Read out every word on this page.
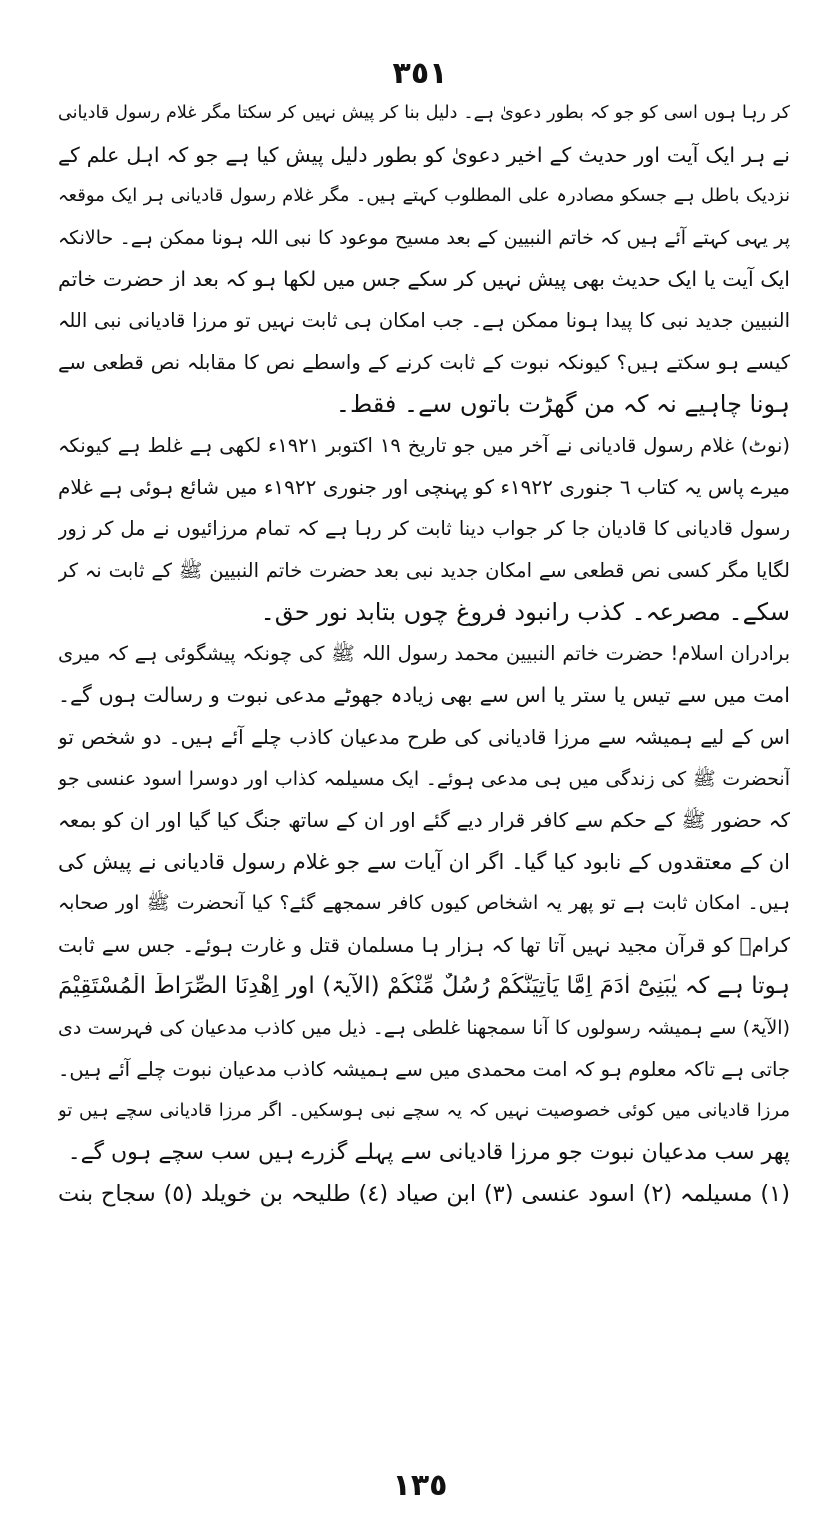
٣٥١
کر رہا ہوں اسی کو جو کہ بطور دعویٰ ہے۔ دلیل بنا کر پیش نہیں کر سکتا مگر غلام رسول قادیانی
نے ہر ایک آیت اور حدیث کے اخیر دعویٰ کو بطور دلیل پیش کیا ہے جو کہ اہل علم کے
نزدیک باطل ہے جسکو مصادرہ علی المطلوب کہتے ہیں۔ مگر غلام رسول قادیانی ہر ایک موقعہ
پر یہی کہتے آئے ہیں کہ خاتم النبیین کے بعد مسیح موعود کا نبی اللہ ہونا ممکن ہے۔ حالانکہ
ایک آیت یا ایک حدیث بھی پیش نہیں کر سکے جس میں لکھا ہو کہ بعد از حضرت خاتم
النبیین جدید نبی کا پیدا ہونا ممکن ہے۔ جب امکان ہی ثابت نہیں تو مرزا قادیانی نبی اللہ
کیسے ہو سکتے ہیں؟ کیونکہ نبوت کے ثابت کرنے کے واسطے نص کا مقابلہ نص قطعی سے
ہونا چاہیے نہ کہ من گھڑت باتوں سے۔ فقط۔
(نوٹ) غلام رسول قادیانی نے آخر میں جو تاریخ ١٩ اکتوبر ١٩٢١ء لکھی ہے غلط ہے کیونکہ
میرے پاس یہ کتاب ٦ جنوری ١٩٢٢ء کو پہنچی اور جنوری ١٩٢٢ء میں شائع ہوئی ہے غلام
رسول قادیانی کا قادیان جا کر جواب دینا ثابت کر رہا ہے کہ تمام مرزائیوں نے مل کر زور
لگایا مگر کسی نص قطعی سے امکان جدید نبی بعد حضرت خاتم النبیین ﷺ کے ثابت نہ کر
سکے۔ مصرعہ۔ کذب رانبود فروغ چوں بتابد نور حق۔
برادران اسلام! حضرت خاتم النبیین محمد رسول اللہ ﷺ کی چونکہ پیشگوئی ہے کہ میری
امت میں سے تیس یا ستر یا اس سے بھی زیادہ جھوٹے مدعی نبوت و رسالت ہوں گے۔
اس کے لیے ہمیشہ سے مرزا قادیانی کی طرح مدعیان کاذب چلے آئے ہیں۔ دو شخص تو
آنحضرت ﷺ کی زندگی میں ہی مدعی ہوئے۔ ایک مسیلمہ کذاب اور دوسرا اسود عنسی جو
کہ حضور ﷺ کے حکم سے کافر قرار دیے گئے اور ان کے ساتھ جنگ کیا گیا اور ان کو بمعہ
ان کے معتقدوں کے نابود کیا گیا۔ اگر ان آیات سے جو غلام رسول قادیانی نے پیش کی
ہیں۔ امکان ثابت ہے تو پھر یہ اشخاص کیوں کافر سمجھے گئے؟ کیا آنحضرت ﷺ اور صحابہ
کرامؓ کو قرآن مجید نہیں آتا تھا کہ ہزار ہا مسلمان قتل و غارت ہوئے۔ جس سے ثابت
ہوتا ہے کہ یٰبَنِیْٓ اٰدَمَ اِمَّا یَاْتِیَنَّکُمْ رُسُلٌ مِّنْکُمْ (الآیۃ) اور اِھْدِنَا الصِّرَاطَ الْمُسْتَقِیْمَ
(الآیۃ) سے ہمیشہ رسولوں کا آنا سمجھنا غلطی ہے۔ ذیل میں کاذب مدعیان کی فہرست دی
جاتی ہے تاکہ معلوم ہو کہ امت محمدی میں سے ہمیشہ کاذب مدعیان نبوت چلے آئے ہیں۔
مرزا قادیانی میں کوئی خصوصیت نہیں کہ یہ سچے نبی ہوسکیں۔ اگر مرزا قادیانی سچے ہیں تو
پھر سب مدعیان نبوت جو مرزا قادیانی سے پہلے گزرے ہیں سب سچے ہوں گے۔
(١) مسیلمہ (٢) اسود عنسی (٣) ابن صیاد (٤) طلیحہ بن خویلد (٥) سجاح بنت
١٣٥
